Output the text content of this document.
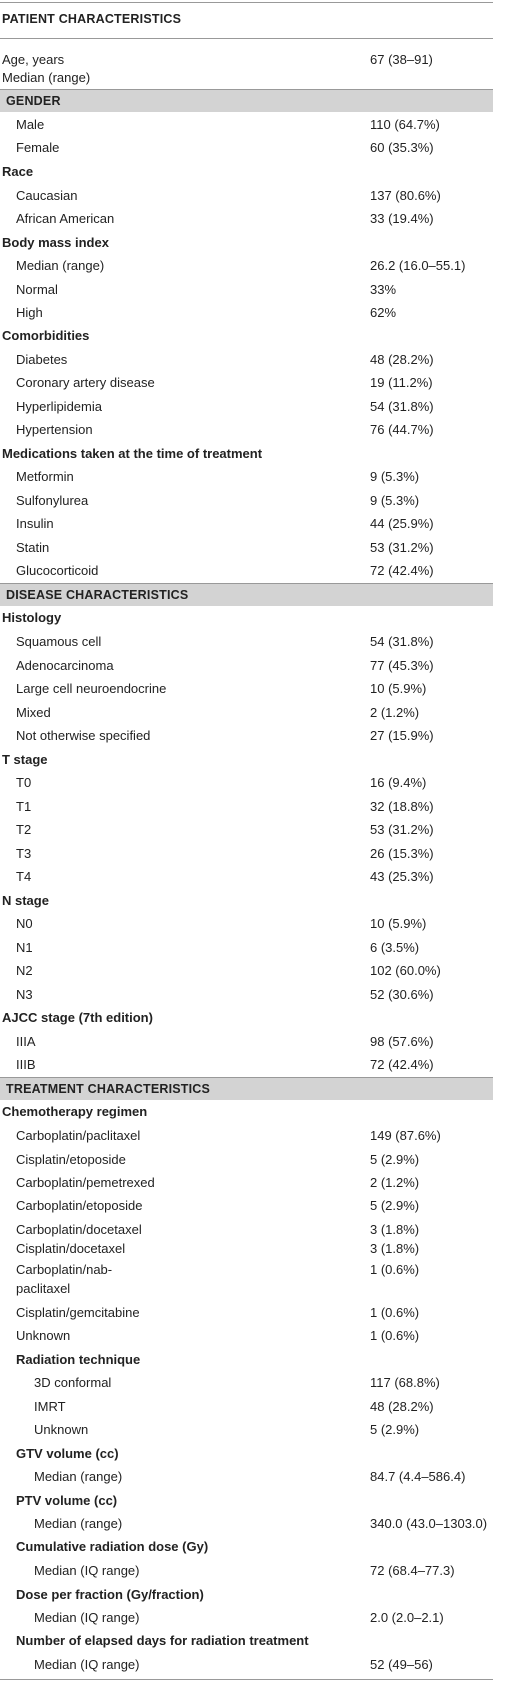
PATIENT CHARACTERISTICS
Age, years	67 (38–91)
Median (range)
GENDER
Male	110 (64.7%)
Female	60 (35.3%)
Race
Caucasian	137 (80.6%)
African American	33 (19.4%)
Body mass index
Median (range)	26.2 (16.0–55.1)
Normal	33%
High	62%
Comorbidities
Diabetes	48 (28.2%)
Coronary artery disease	19 (11.2%)
Hyperlipidemia	54 (31.8%)
Hypertension	76 (44.7%)
Medications taken at the time of treatment
Metformin	9 (5.3%)
Sulfonylurea	9 (5.3%)
Insulin	44 (25.9%)
Statin	53 (31.2%)
Glucocorticoid	72 (42.4%)
DISEASE CHARACTERISTICS
Histology
Squamous cell	54 (31.8%)
Adenocarcinoma	77 (45.3%)
Large cell neuroendocrine	10 (5.9%)
Mixed	2 (1.2%)
Not otherwise specified	27 (15.9%)
T stage
T0	16 (9.4%)
T1	32 (18.8%)
T2	53 (31.2%)
T3	26 (15.3%)
T4	43 (25.3%)
N stage
N0	10 (5.9%)
N1	6 (3.5%)
N2	102 (60.0%)
N3	52 (30.6%)
AJCC stage (7th edition)
IIIA	98 (57.6%)
IIIB	72 (42.4%)
TREATMENT CHARACTERISTICS
Chemotherapy regimen
Carboplatin/paclitaxel	149 (87.6%)
Cisplatin/etoposide	5 (2.9%)
Carboplatin/pemetrexed	2 (1.2%)
Carboplatin/etoposide	5 (2.9%)
Carboplatin/docetaxel	3 (1.8%)
Cisplatin/docetaxel	3 (1.8%)
Carboplatin/nab-	1 (0.6%)
paclitaxel
Cisplatin/gemcitabine	1 (0.6%)
Unknown	1 (0.6%)
Radiation technique
3D conformal	117 (68.8%)
IMRT	48 (28.2%)
Unknown	5 (2.9%)
GTV volume (cc)
Median (range)	84.7 (4.4–586.4)
PTV volume (cc)
Median (range)	340.0 (43.0–1303.0)
Cumulative radiation dose (Gy)
Median (IQ range)	72 (68.4–77.3)
Dose per fraction (Gy/fraction)
Median (IQ range)	2.0 (2.0–2.1)
Number of elapsed days for radiation treatment
Median (IQ range)	52 (49–56)
